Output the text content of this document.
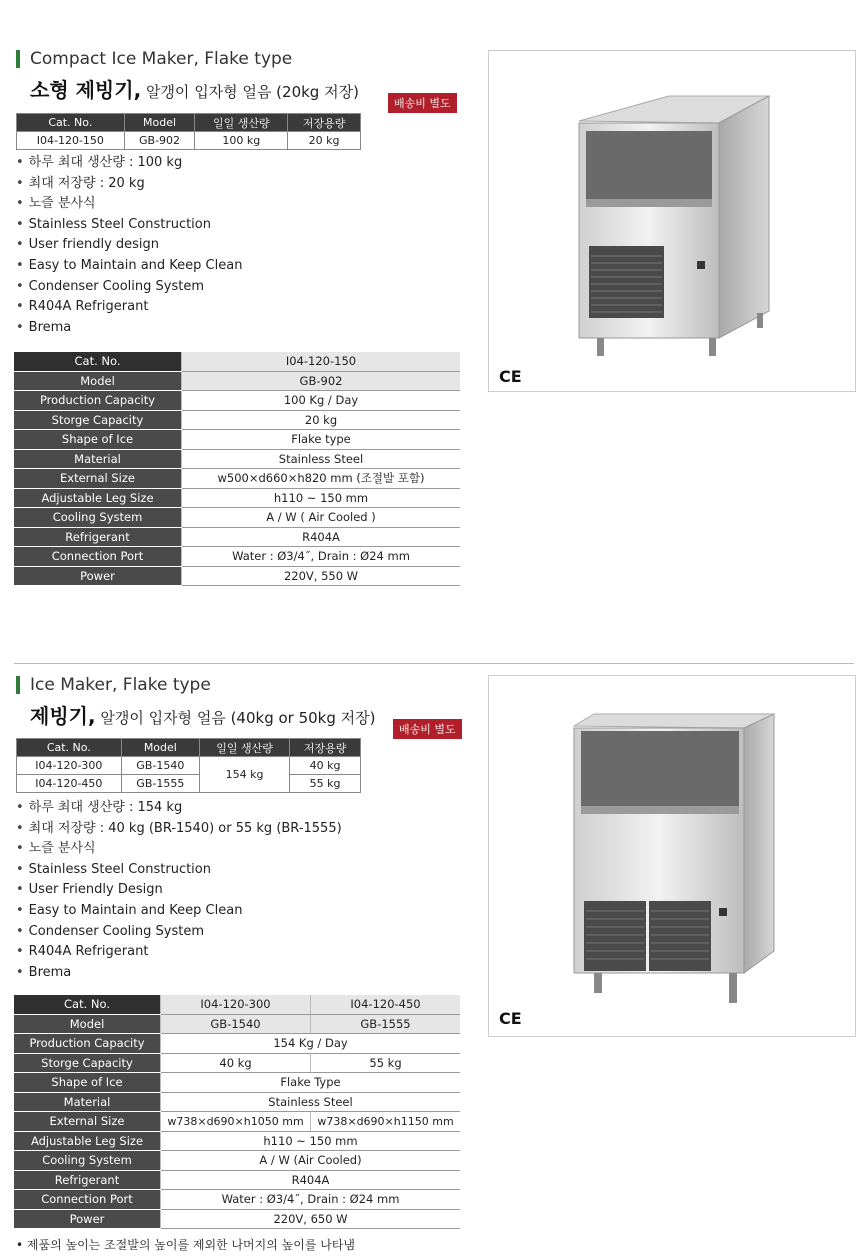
Compact Ice Maker, Flake type
소형 제빙기, 알갱이 입자형 얼음 (20kg 저장)
배송비 별도
Cat. No.	Model	일일 생산량	저장용량
I04-120-150	GB-902	100 kg	20 kg
• 하루 최대 생산량 : 100 kg
• 최대 저장량 : 20 kg
• 노즐 분사식
• Stainless Steel Construction
• User friendly design
• Easy to Maintain and Keep Clean
• Condenser Cooling System
• R404A Refrigerant
• Brema
Cat. No.	I04-120-150
Model	GB-902
Production Capacity	100 Kg / Day
Storge Capacity	20 kg
Shape of Ice	Flake type
Material	Stainless Steel
External Size	w500×d660×h820 mm (조절발 포함)
Adjustable Leg Size	h110 ~ 150 mm
Cooling System	A / W ( Air Cooled )
Refrigerant	R404A
Connection Port	Water : Ø3/4˝, Drain : Ø24 mm
Power	220V, 550 W
CE
Ice Maker, Flake type
제빙기, 알갱이 입자형 얼음 (40kg or 50kg 저장)
배송비 별도
Cat. No.	Model	일일 생산량	저장용량
I04-120-300	GB-1540	154 kg	40 kg
I04-120-450	GB-1555		55 kg
• 하루 최대 생산량 : 154 kg
• 최대 저장량 : 40 kg (BR-1540) or 55 kg (BR-1555)
• 노즐 분사식
• Stainless Steel Construction
• User Friendly Design
• Easy to Maintain and Keep Clean
• Condenser Cooling System
• R404A Refrigerant
• Brema
Cat. No.	I04-120-300	I04-120-450
Model	GB-1540	GB-1555
Production Capacity	154 Kg / Day	
Storge Capacity	40 kg	55 kg
Shape of Ice	Flake Type	
Material	Stainless Steel	
External Size	w738×d690×h1050 mm	w738×d690×h1150 mm
Adjustable Leg Size	h110 ~ 150 mm	
Cooling System	A / W (Air Cooled)	
Refrigerant	R404A	
Connection Port	Water : Ø3/4˝, Drain : Ø24 mm	
Power	220V, 650 W	
CE
• 제품의 높이는 조절발의 높이를 제외한 나머지의 높이를 나타냄
